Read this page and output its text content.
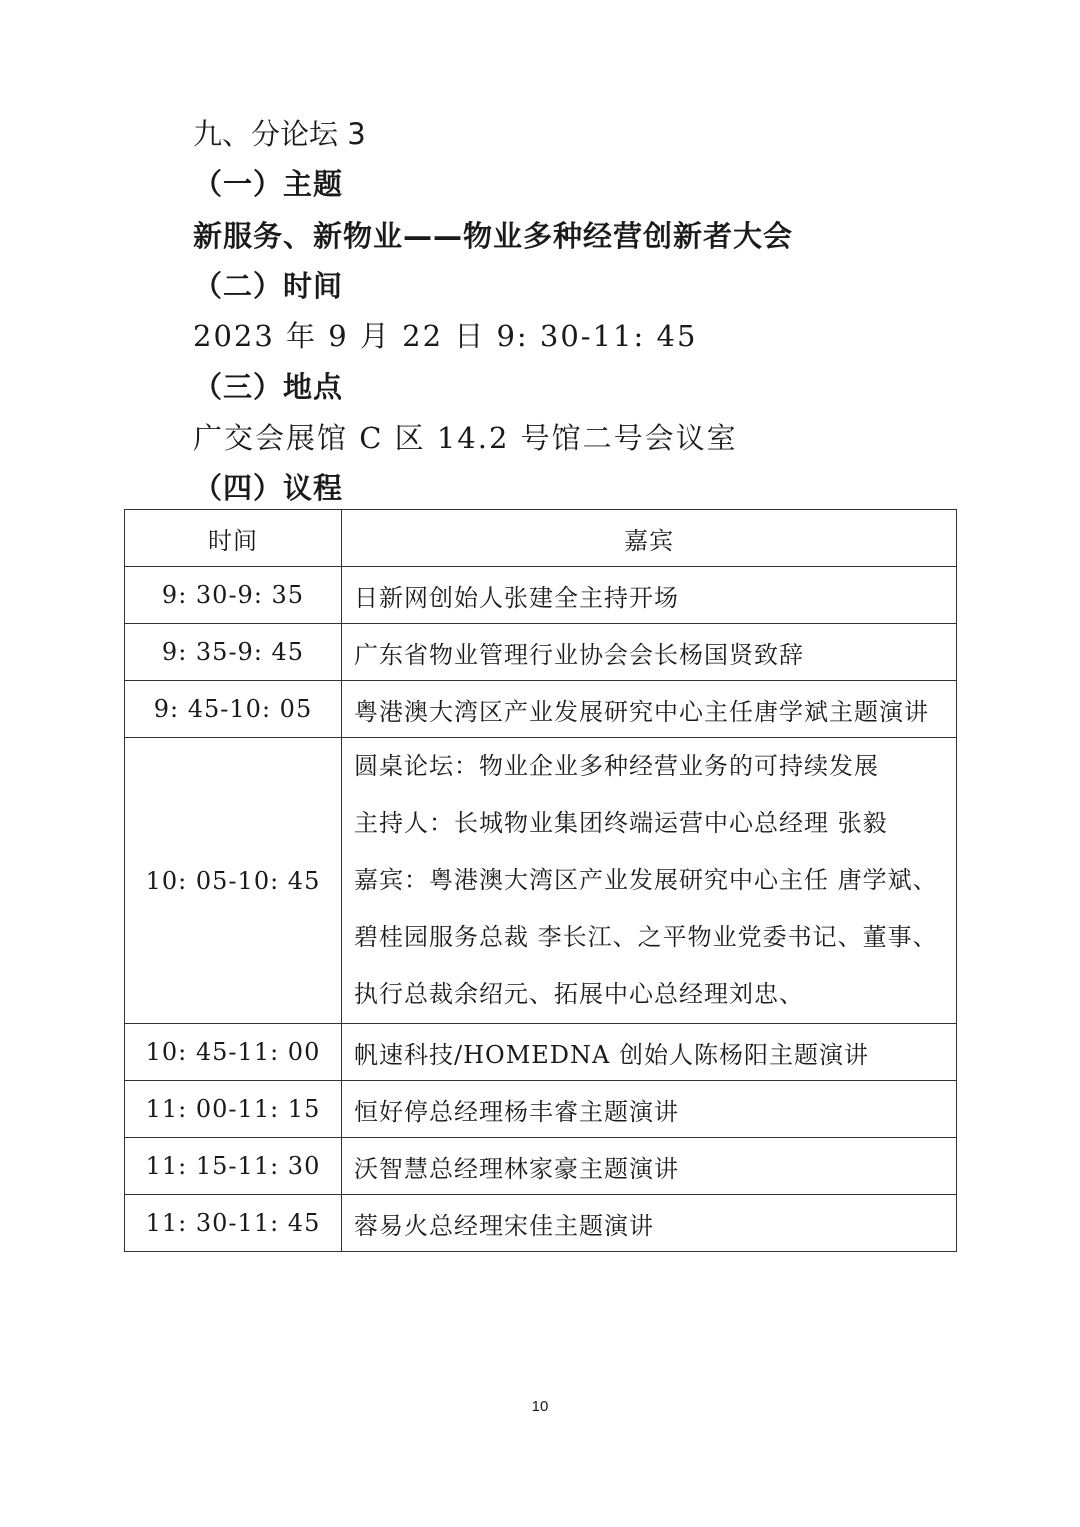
九、分论坛 3
（一）主题
新服务、新物业——物业多种经营创新者大会
（二）时间
2023 年 9 月 22 日 9: 30-11: 45
（三）地点
广交会展馆 C 区 14.2 号馆二号会议室
（四）议程
时间	嘉宾
9: 30-9: 35	日新网创始人张建全主持开场
9: 35-9: 45	广东省物业管理行业协会会长杨国贤致辞
9: 45-10: 05	粤港澳大湾区产业发展研究中心主任唐学斌主题演讲
10: 05-10: 45	圆桌论坛：物业企业多种经营业务的可持续发展
主持人：长城物业集团终端运营中心总经理 张毅
嘉宾：粤港澳大湾区产业发展研究中心主任 唐学斌、
碧桂园服务总裁 李长江、之平物业党委书记、董事、
执行总裁余绍元、拓展中心总经理刘忠、

10: 45-11: 00	帆速科技/HOMEDNA 创始人陈杨阳主题演讲
11: 00-11: 15	恒好停总经理杨丰睿主题演讲
11: 15-11: 30	沃智慧总经理林家豪主题演讲
11: 30-11: 45	蓉易火总经理宋佳主题演讲
10
